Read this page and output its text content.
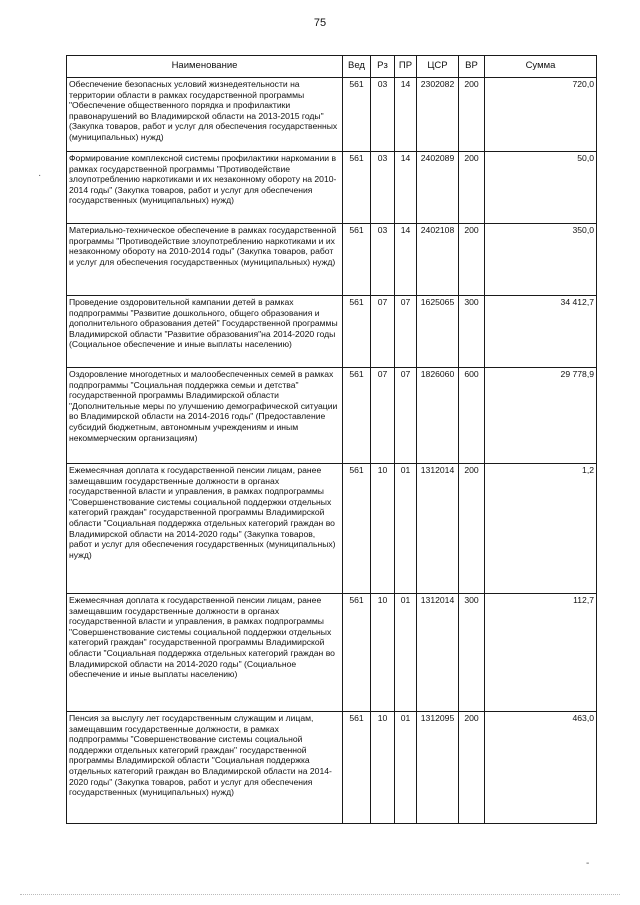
75
Наименование	Вед	Рз	ПР	ЦСР	ВР	Сумма
Обеспечение безопасных условий жизнедеятельности на территории области в рамках государственной программы "Обеспечение общественного порядка и профилактики правонарушений во Владимирской области на 2013-2015 годы" (Закупка товаров, работ и услуг для обеспечения государственных (муниципальных) нужд)	561	03	14	2302082	200	720,0
Формирование комплексной системы профилактики наркомании в рамках государственной программы "Противодействие злоупотреблению наркотиками и их незаконному обороту на 2010-2014 годы" (Закупка товаров, работ и услуг для обеспечения государственных (муниципальных) нужд)	561	03	14	2402089	200	50,0
Материально-техническое обеспечение в рамках государственной программы "Противодействие злоупотреблению наркотиками и их незаконному обороту на 2010-2014 годы" (Закупка товаров, работ и услуг для обеспечения государственных (муниципальных) нужд)	561	03	14	2402108	200	350,0
Проведение оздоровительной кампании детей в рамках подпрограммы "Развитие дошкольного, общего образования и дополнительного образования детей" Государственной программы Владимирской области "Развитие образования"на 2014-2020 годы (Социальное обеспечение и иные выплаты населению)	561	07	07	1625065	300	34 412,7
Оздоровление многодетных и малообеспеченных семей в рамках подпрограммы "Социальная поддержка семьи и детства" государственной программы Владимирской области "Дополнительные меры по улучшению демографической ситуации во Владимирской области на 2014-2016 годы" (Предоставление субсидий бюджетным, автономным учреждениям и иным некоммерческим организациям)	561	07	07	1826060	600	29 778,9
Ежемесячная доплата к государственной пенсии лицам, ранее замещавшим государственные должности в органах государственной власти и управления, в рамках подпрограммы "Совершенствование системы социальной поддержки отдельных категорий граждан" государственной программы Владимирской области "Социальная поддержка отдельных категорий граждан во Владимирской области на 2014-2020 годы" (Закупка товаров, работ и услуг для обеспечения государственных (муниципальных) нужд)	561	10	01	1312014	200	1,2
Ежемесячная доплата к государственной пенсии лицам, ранее замещавшим государственные должности в органах государственной власти и управления, в рамках подпрограммы "Совершенствование системы социальной поддержки отдельных категорий граждан" государственной программы Владимирской области "Социальная поддержка отдельных категорий граждан во Владимирской области на 2014-2020 годы" (Социальное обеспечение и иные выплаты населению)	561	10	01	1312014	300	112,7
Пенсия за выслугу лет государственным служащим и лицам, замещавшим государственные должности, в рамках подпрограммы "Совершенствование системы социальной поддержки отдельных категорий граждан" государственной программы Владимирской области "Социальная поддержка отдельных категорий граждан во Владимирской области на 2014-2020 годы" (Закупка товаров, работ и услуг для обеспечения государственных (муниципальных) нужд)	561	10	01	1312095	200	463,0
·
-
